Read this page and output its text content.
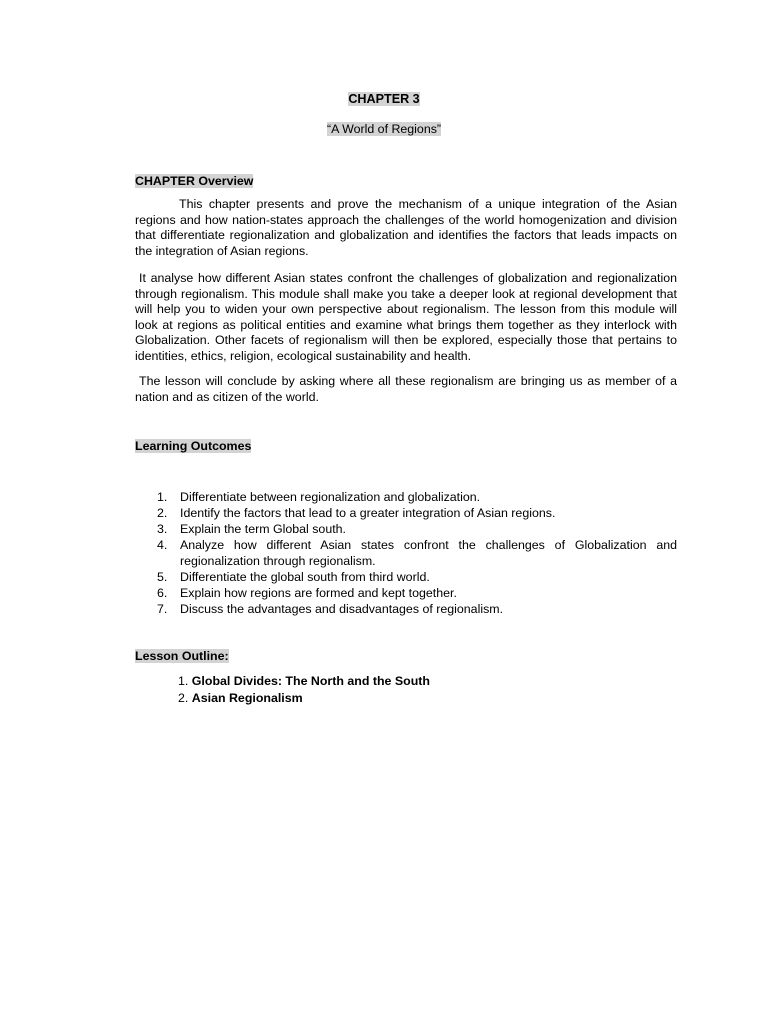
CHAPTER 3
“A World of Regions”
CHAPTER Overview

This chapter presents and prove the mechanism of a unique integration of the Asian regions and how nation-states approach the challenges of the world homogenization and division that differentiate regionalization and globalization and identifies the factors that leads impacts on the integration of Asian regions.

It analyse how different Asian states confront the challenges of globalization and regionalization through regionalism. This module shall make you take a deeper look at regional development that will help you to widen your own perspective about regionalism. The lesson from this module will look at regions as political entities and examine what brings them together as they interlock with Globalization. Other facets of regionalism will then be explored, especially those that pertains to identities, ethics, religion, ecological sustainability and health.

The lesson will conclude by asking where all these regionalism are bringing us as member of a nation and as citizen of the world.

Learning Outcomes
1. Differentiate between regionalization and globalization.
2. Identify the factors that lead to a greater integration of Asian regions.
3. Explain the term Global south.
4. Analyze how different Asian states confront the challenges of Globalization and regionalization through regionalism.
5. Differentiate the global south from third world.
6. Explain how regions are formed and kept together.
7. Discuss the advantages and disadvantages of regionalism.
Lesson Outline:
1. Global Divides: The North and the South
2. Asian Regionalism
